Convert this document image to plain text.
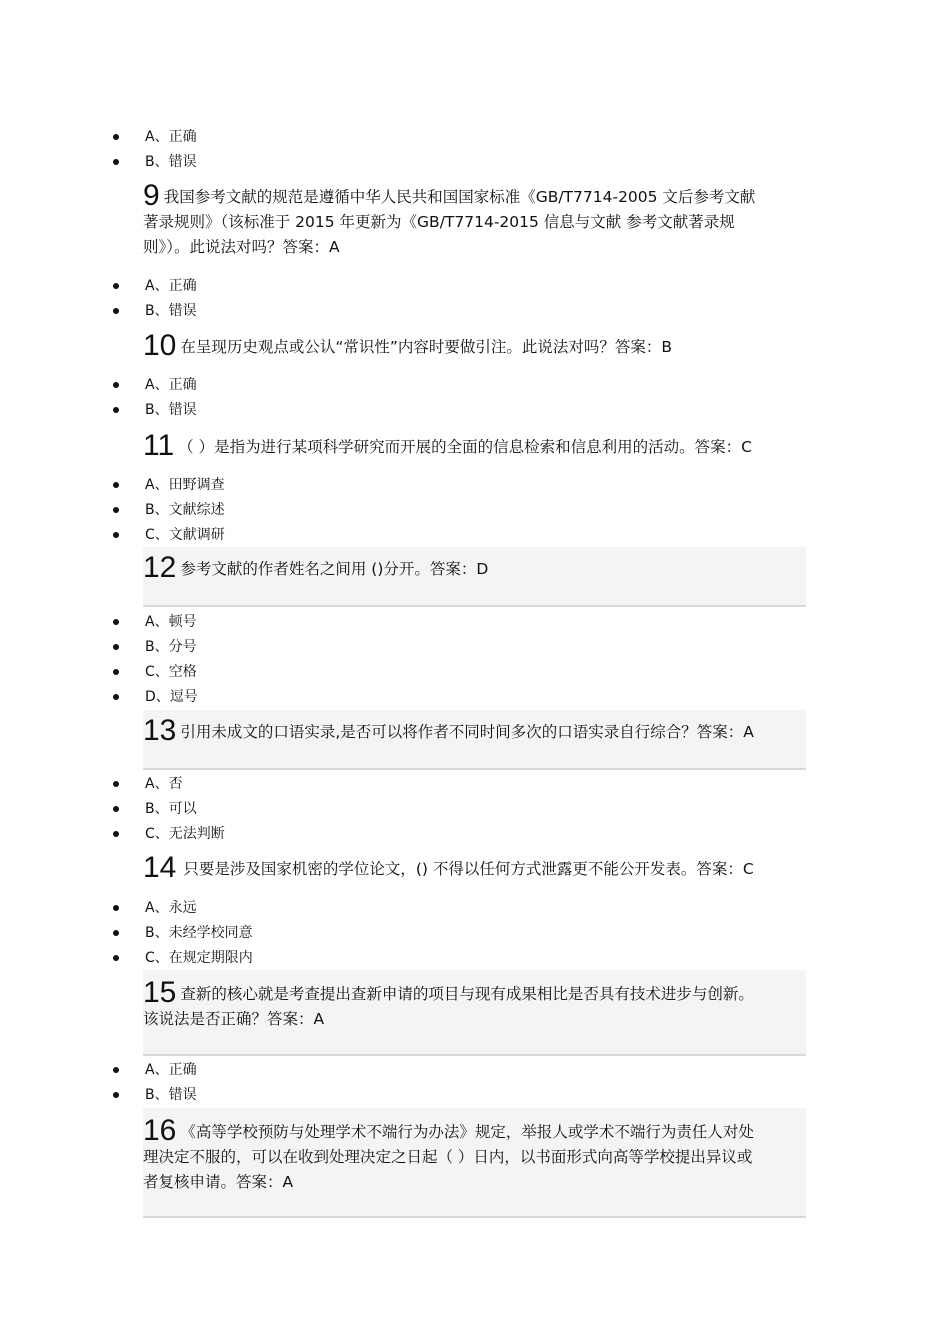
A、正确
B、错误

9 我国参考文献的规范是遵循中华人民共和国国家标准《GB/T7714-2005 文后参考文献

著录规则》（该标准于 2015 年更新为《GB/T7714-2015 信息与文献 参考文献著录规

则》）。此说法对吗？答案：A

A、正确
B、错误

10 在呈现历史观点或公认“常识性”内容时要做引注。此说法对吗？答案：B

A、正确
B、错误

11 （ ）是指为进行某项科学研究而开展的全面的信息检索和信息利用的活动。答案：C

A、田野调查
B、文献综述
C、文献调研

12 参考文献的作者姓名之间用 ()分开。答案：D

A、顿号
B、分号
C、空格
D、逗号

13 引用未成文的口语实录,是否可以将作者不同时间多次的口语实录自行综合？答案：A

A、否
B、可以
C、无法判断

14 只要是涉及国家机密的学位论文，() 不得以任何方式泄露更不能公开发表。答案：C

A、永远
B、未经学校同意
C、在规定期限内

15 查新的核心就是考查提出查新申请的项目与现有成果相比是否具有技术进步与创新。

该说法是否正确？答案：A

A、正确
B、错误

16 《高等学校预防与处理学术不端行为办法》规定，举报人或学术不端行为责任人对处

理决定不服的，可以在收到处理决定之日起（ ）日内，以书面形式向高等学校提出异议或

者复核申请。答案：A
